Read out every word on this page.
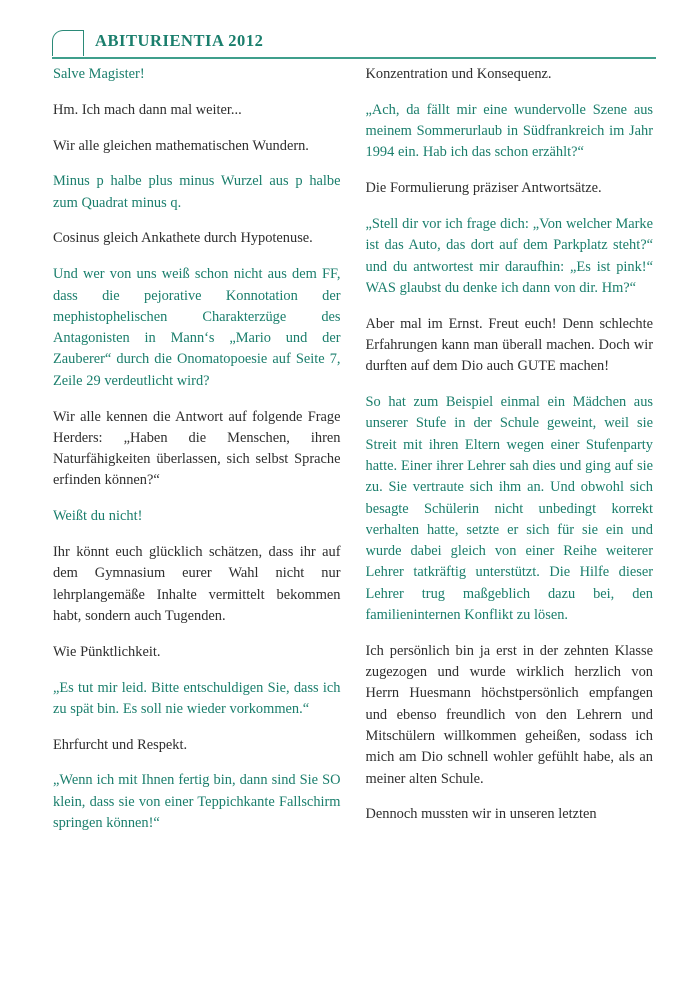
ABITURIENTIA 2012

Salve Magister!

Hm. Ich mach dann mal weiter...

Wir alle gleichen mathematischen Wundern.

Minus p halbe plus minus Wurzel aus p halbe zum Quadrat minus q.

Cosinus gleich Ankathete durch Hypotenuse.

Und wer von uns weiß schon nicht aus dem FF, dass die pejorative Konnotation der mephistophelischen Charakterzüge des Antagonisten in Mann‘s „Mario und der Zauberer“ durch die Onomatopoesie auf Seite 7, Zeile 29 verdeutlicht wird?

Wir alle kennen die Antwort auf folgende Frage Herders: „Haben die Menschen, ihren Naturfähigkeiten überlassen, sich selbst Sprache erfinden können?“

Weißt du nicht!

Ihr könnt euch glücklich schätzen, dass ihr auf dem Gymnasium eurer Wahl nicht nur lehrplangemäße Inhalte vermittelt bekommen habt, sondern auch Tugenden.

Wie Pünktlichkeit.

„Es tut mir leid. Bitte entschuldigen Sie, dass ich zu spät bin. Es soll nie wieder vorkommen.“

Ehrfurcht und Respekt.

„Wenn ich mit Ihnen fertig bin, dann sind Sie SO klein, dass sie von einer Teppichkante Fallschirm springen können!“

Konzentration und Konsequenz.

„Ach, da fällt mir eine wundervolle Szene aus meinem Sommerurlaub in Südfrankreich im Jahr 1994 ein. Hab ich das schon erzählt?“

Die Formulierung präziser Antwortsätze.

„Stell dir vor ich frage dich: „Von welcher Marke ist das Auto, das dort auf dem Parkplatz steht?“ und du antwortest mir daraufhin: „Es ist pink!“ WAS glaubst du denke ich dann von dir. Hm?“

Aber mal im Ernst. Freut euch! Denn schlechte Erfahrungen kann man überall machen. Doch wir durften auf dem Dio auch GUTE machen!

So hat zum Beispiel einmal ein Mädchen aus unserer Stufe in der Schule geweint, weil sie Streit mit ihren Eltern wegen einer Stufenparty hatte. Einer ihrer Lehrer sah dies und ging auf sie zu. Sie vertraute sich ihm an. Und obwohl sich besagte Schülerin nicht unbedingt korrekt verhalten hatte, setzte er sich für sie ein und wurde dabei gleich von einer Reihe weiterer Lehrer tatkräftig unterstützt. Die Hilfe dieser Lehrer trug maßgeblich dazu bei, den familieninternen Konflikt zu lösen.

Ich persönlich bin ja erst in der zehnten Klasse zugezogen und wurde wirklich herzlich von Herrn Huesmann höchstpersönlich empfangen und ebenso freundlich von den Lehrern und Mitschülern willkommen geheißen, sodass ich mich am Dio schnell wohler gefühlt habe, als an meiner alten Schule.

Dennoch mussten wir in unseren letzten
